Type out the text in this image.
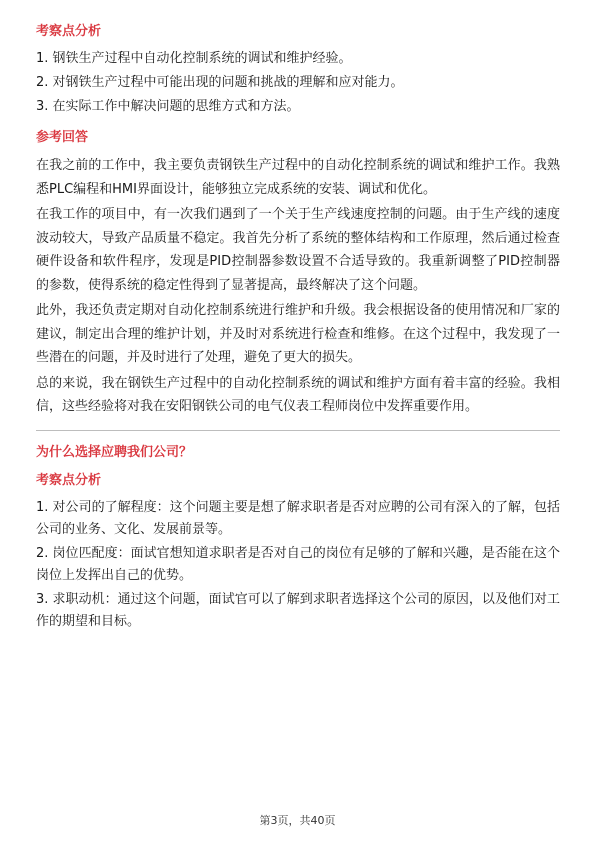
考察点分析
1. 钢铁生产过程中自动化控制系统的调试和维护经验。
2. 对钢铁生产过程中可能出现的问题和挑战的理解和应对能力。
3. 在实际工作中解决问题的思维方式和方法。
参考回答
在我之前的工作中，我主要负责钢铁生产过程中的自动化控制系统的调试和维护工作。我熟悉PLC编程和HMI界面设计，能够独立完成系统的安装、调试和优化。
在我工作的项目中，有一次我们遇到了一个关于生产线速度控制的问题。由于生产线的速度波动较大，导致产品质量不稳定。我首先分析了系统的整体结构和工作原理，然后通过检查硬件设备和软件程序，发现是PID控制器参数设置不合适导致的。我重新调整了PID控制器的参数，使得系统的稳定性得到了显著提高，最终解决了这个问题。
此外，我还负责定期对自动化控制系统进行维护和升级。我会根据设备的使用情况和厂家的建议，制定出合理的维护计划，并及时对系统进行检查和维修。在这个过程中，我发现了一些潜在的问题，并及时进行了处理，避免了更大的损失。
总的来说，我在钢铁生产过程中的自动化控制系统的调试和维护方面有着丰富的经验。我相信，这些经验将对我在安阳钢铁公司的电气仪表工程师岗位中发挥重要作用。
为什么选择应聘我们公司？
考察点分析
1. 对公司的了解程度：这个问题主要是想了解求职者是否对应聘的公司有深入的了解，包括公司的业务、文化、发展前景等。
2. 岗位匹配度：面试官想知道求职者是否对自己的岗位有足够的了解和兴趣，是否能在这个岗位上发挥出自己的优势。
3. 求职动机：通过这个问题，面试官可以了解到求职者选择这个公司的原因，以及他们对工作的期望和目标。
第3页，共40页
